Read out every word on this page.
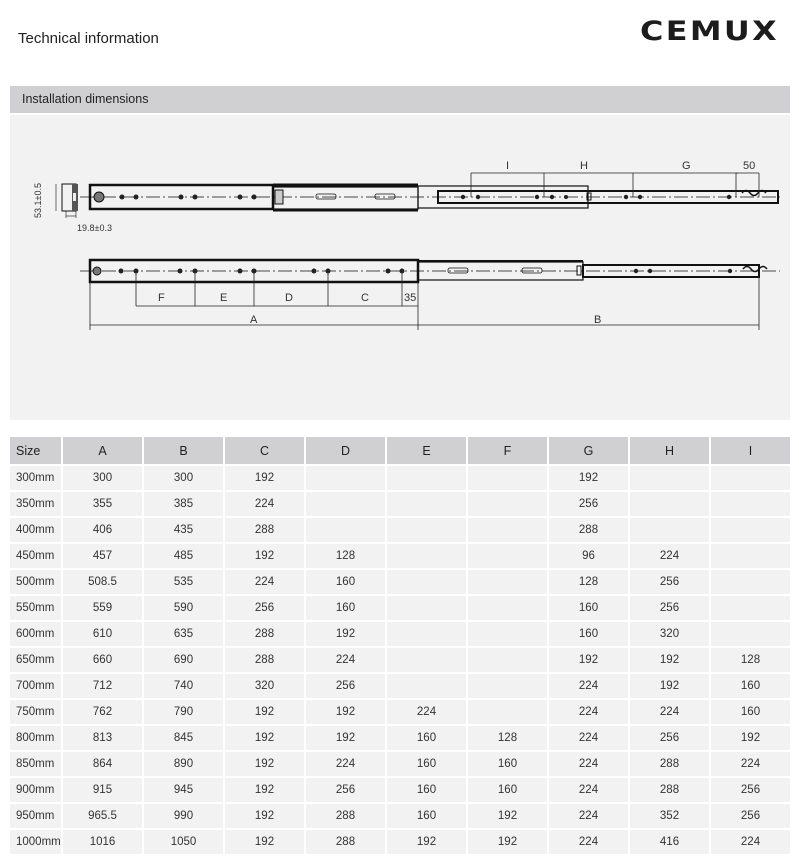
Technical information	CEMUX
Installation dimensions
53.1±0.5
19.8±0.3
I	H	G	50
F	E	D	C	35
A	B
Size	A	B	C	D	E	F	G	H	I
300mm	300	300	192				192		
350mm	355	385	224				256		
400mm	406	435	288				288		
450mm	457	485	192	128			96	224	
500mm	508.5	535	224	160			128	256	
550mm	559	590	256	160			160	256	
600mm	610	635	288	192			160	320	
650mm	660	690	288	224			192	192	128
700mm	712	740	320	256			224	192	160
750mm	762	790	192	192	224		224	224	160
800mm	813	845	192	192	160	128	224	256	192
850mm	864	890	192	224	160	160	224	288	224
900mm	915	945	192	256	160	160	224	288	256
950mm	965.5	990	192	288	160	192	224	352	256
1000mm	1016	1050	192	288	192	192	224	416	224
